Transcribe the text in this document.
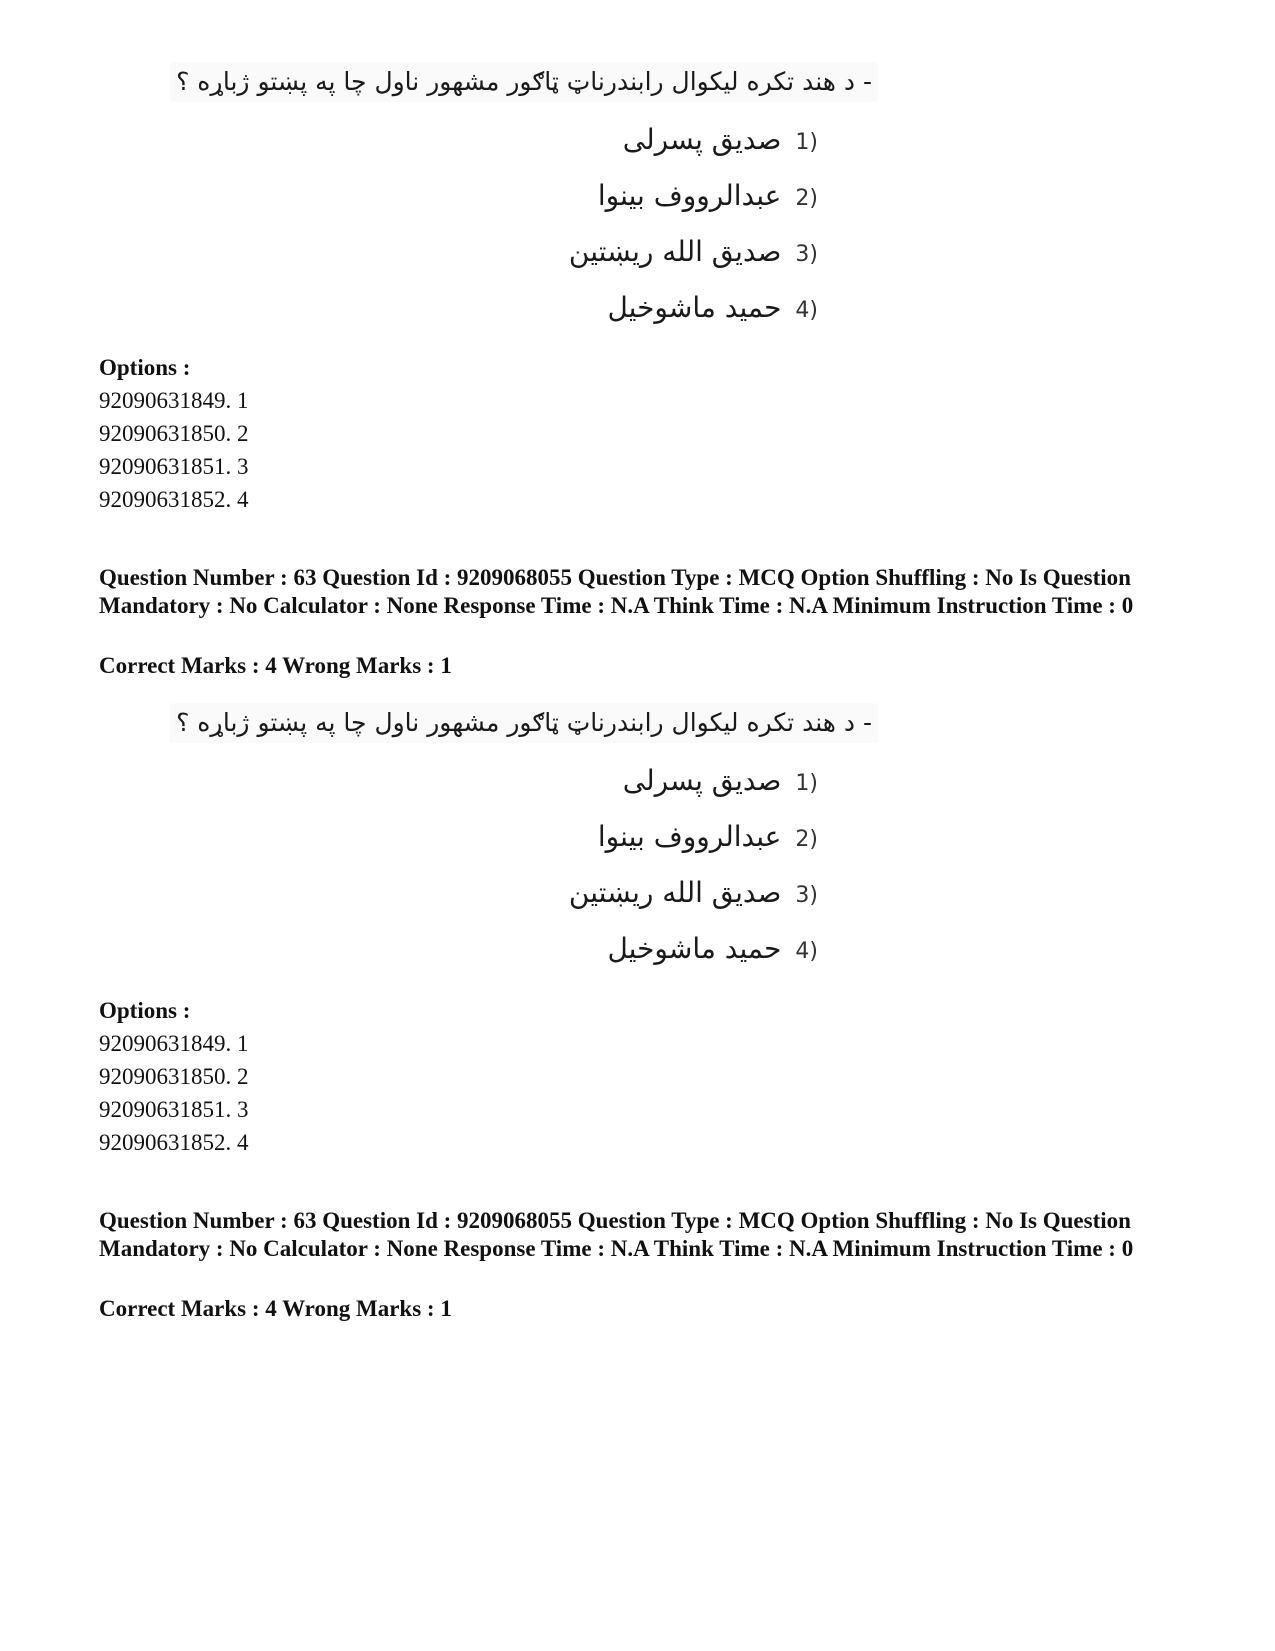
- د هند تکره لیکوال رابندرناټ ټاګور مشهور ناول چا په پښتو ژباړه ؟
(1صدیق پسرلی
(2عبدالرووف بینوا
(3صدیق الله ریښتین
(4حمید ماشوخیل
Options :
92090631849. 1
92090631850. 2
92090631851. 3
92090631852. 4
Question Number : 63 Question Id : 9209068055 Question Type : MCQ Option Shuffling : No Is Question Mandatory : No Calculator : None Response Time : N.A Think Time : N.A Minimum Instruction Time : 0
Correct Marks : 4 Wrong Marks : 1
- د هند تکره لیکوال رابندرناټ ټاګور مشهور ناول چا په پښتو ژباړه ؟
(1صدیق پسرلی
(2عبدالرووف بینوا
(3صدیق الله ریښتین
(4حمید ماشوخیل
Options :
92090631849. 1
92090631850. 2
92090631851. 3
92090631852. 4
Question Number : 63 Question Id : 9209068055 Question Type : MCQ Option Shuffling : No Is Question Mandatory : No Calculator : None Response Time : N.A Think Time : N.A Minimum Instruction Time : 0
Correct Marks : 4 Wrong Marks : 1
